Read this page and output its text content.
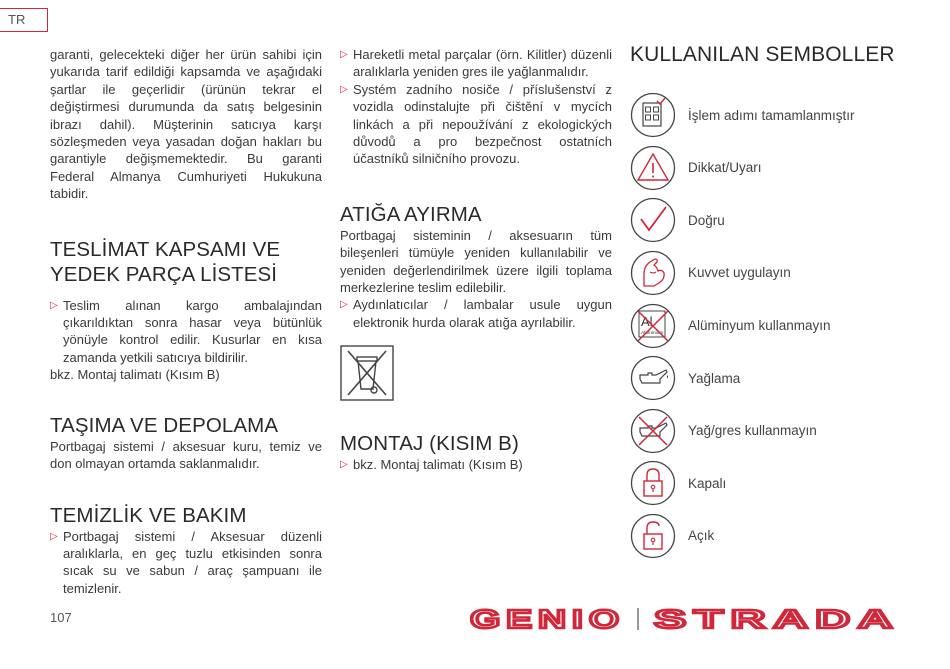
TR

garanti, gelecekteki diğer her ürün sahibi için yukarıda tarif edildiği kapsamda ve aşağıdaki şartlar ile geçerlidir (ürünün tekrar el değiştirmesi durumunda da satış belgesinin ibrazı dahil). Müşterinin satıcıya karşı sözleşmeden veya yasadan doğan hakları bu garantiyle değişmemektedir. Bu garanti Federal Almanya Cumhuriyeti Hukukuna tabidir.

TESLİMAT KAPSAMI VE YEDEK PARÇA LİSTESİ
▷ Teslim alınan kargo ambalajından çıkarıldıktan sonra hasar veya bütünlük yönüyle kontrol edilir. Kusurlar en kısa zamanda yetkili satıcıya bildirilir.

bkz. Montaj talimatı (Kısım B)

TAŞIMA VE DEPOLAMA

Portbagaj sistemi / aksesuar kuru, temiz ve don olmayan ortamda saklanmalıdır.

TEMİZLİK VE BAKIM
▷ Portbagaj sistemi / Aksesuar düzenli aralıklarla, en geç tuzlu etkisinden sonra sıcak su ve sabun / araç şampuanı ile temizlenir.
▷ Hareketli metal parçalar (örn. Kilitler) düzenli aralıklarla yeniden gres ile yağlanmalıdır.
▷ Systém zadního nosiče / příslušenství z vozidla odinstalujte při čištění v mycích linkách a při nepoužívání z ekologických důvodů a pro bezpečnost ostatních účastníků silničního provozu.
ATIĞA AYIRMA

Portbagaj sisteminin / aksesuarın tüm bileşenleri tümüyle yeniden kullanılabilir ve yeniden değerlendirilmek üzere ilgili toplama merkezlerine teslim edilebilir.

▷ Aydınlatıcılar / lambalar usule uygun elektronik hurda olarak atığa ayrılabilir.
MONTAJ (KISIM B)
▷ bkz. Montaj talimatı (Kısım B)
KULLANILAN SEMBOLLER
İşlem adımı tamamlanmıştır
Dikkat/Uyarı
Doğru
Kuvvet uygulayın
Al
Aluminium
Alüminyum kullanmayın
Yağlama
Yağ/gres kullanmayın
Kapalı
Açık
107	GENIO STRADA
